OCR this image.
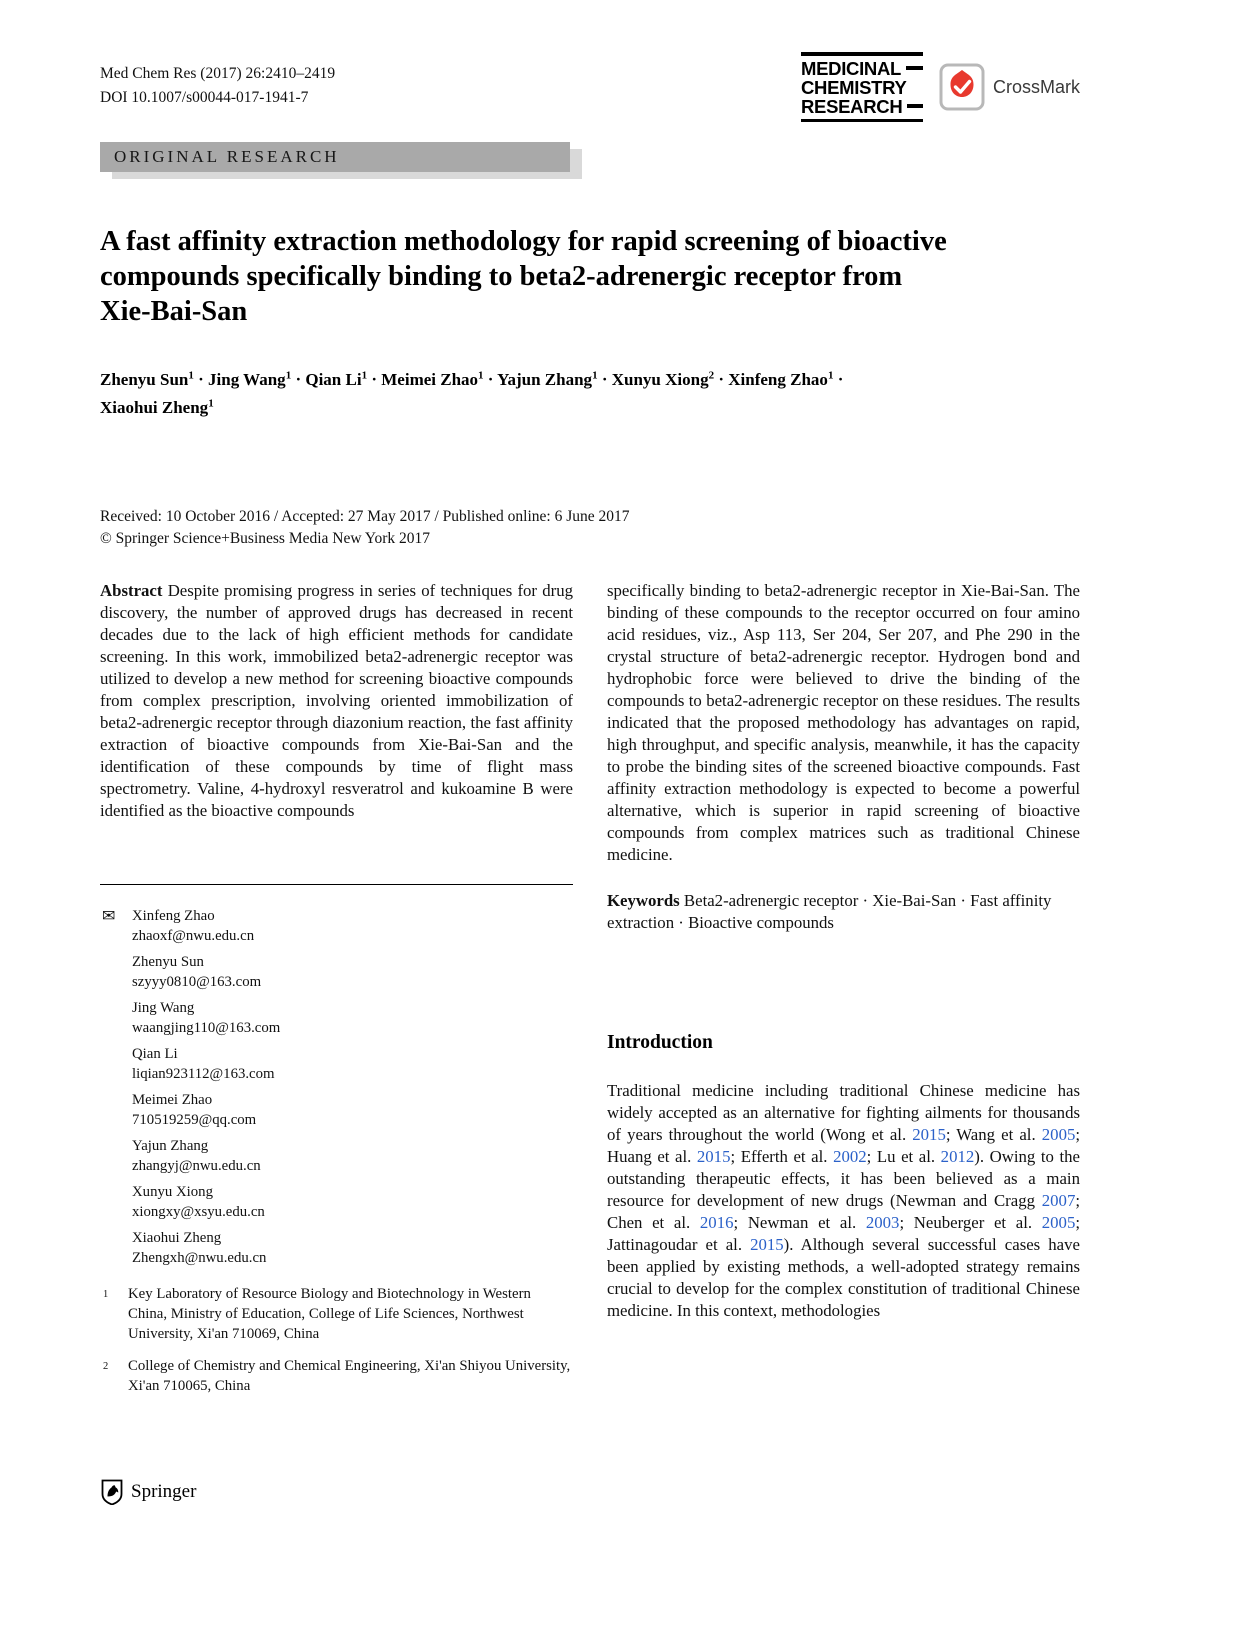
Med Chem Res (2017) 26:2410–2419
DOI 10.1007/s00044-017-1941-7
MEDICINAL
CHEMISTRY
RESEARCH
CrossMark
ORIGINAL RESEARCH
A fast affinity extraction methodology for rapid screening of bioactive compounds specifically binding to beta2-adrenergic receptor from Xie-Bai-San
Zhenyu Sun$^1$ · Jing Wang$^1$ · Qian $Li^1$ · Meimei Zhao$^1$ · Yajun Zhang$^1$ · Xunyu Xiong$^2$ · Xinfeng Zhao$^1$ · Xiaohui Zheng$^1$
Received: 10 October 2016 / Accepted: 27 May 2017 / Published online: 6 June 2017
© Springer Science+Business Media New York 2017

Abstract Despite promising progress in series of techniques for drug discovery, the number of approved drugs has decreased in recent decades due to the lack of high efficient methods for candidate screening. In this work, immobilized beta2-adrenergic receptor was utilized to develop a new method for screening bioactive compounds from complex prescription, involving oriented immobilization of beta2-adrenergic receptor through diazonium reaction, the fast affinity extraction of bioactive compounds from Xie-Bai-San and the identification of these compounds by time of flight mass spectrometry. Valine, 4-hydroxyl resveratrol and kukoamine B were identified as the bioactive compounds

✉ Xinfeng Zhao
zhaoxf@nwu.edu.cn
Zhenyu Sun
szyyy0810@163.com
Jing Wang
waangjing110@163.com
Qian Li
liqian923112@163.com
Meimei Zhao
710519259@qq.com
Yajun Zhang
zhangyj@nwu.edu.cn
Xunyu Xiong
xiongxy@xsyu.edu.cn
Xiaohui Zheng
Zhengxh@nwu.edu.cn
1 Key Laboratory of Resource Biology and Biotechnology in Western China, Ministry of Education, College of Life Sciences, Northwest University, Xi'an 710069, China
2 College of Chemistry and Chemical Engineering, Xi'an Shiyou University, Xi'an 710065, China

specifically binding to beta2-adrenergic receptor in Xie-Bai-San. The binding of these compounds to the receptor occurred on four amino acid residues, viz., Asp 113, Ser 204, Ser 207, and Phe 290 in the crystal structure of beta2-adrenergic receptor. Hydrogen bond and hydrophobic force were believed to drive the binding of the compounds to beta2-adrenergic receptor on these residues. The results indicated that the proposed methodology has advantages on rapid, high throughput, and specific analysis, meanwhile, it has the capacity to probe the binding sites of the screened bioactive compounds. Fast affinity extraction methodology is expected to become a powerful alternative, which is superior in rapid screening of bioactive compounds from complex matrices such as traditional Chinese medicine.

Keywords Beta2-adrenergic receptor · Xie-Bai-San · Fast affinity extraction · Bioactive compounds

Introduction

Traditional medicine including traditional Chinese medicine has widely accepted as an alternative for fighting ailments for thousands of years throughout the world (Wong et al. 2015; Wang et al. 2005; Huang et al. 2015; Efferth et al. 2002; Lu et al. 2012). Owing to the outstanding therapeutic effects, it has been believed as a main resource for development of new drugs (Newman and Cragg 2007; Chen et al. 2016; Newman et al. 2003; Neuberger et al. 2005; Jattinagoudar et al. 2015). Although several successful cases have been applied by existing methods, a well-adopted strategy remains crucial to develop for the complex constitution of traditional Chinese medicine. In this context, methodologies

Springer
